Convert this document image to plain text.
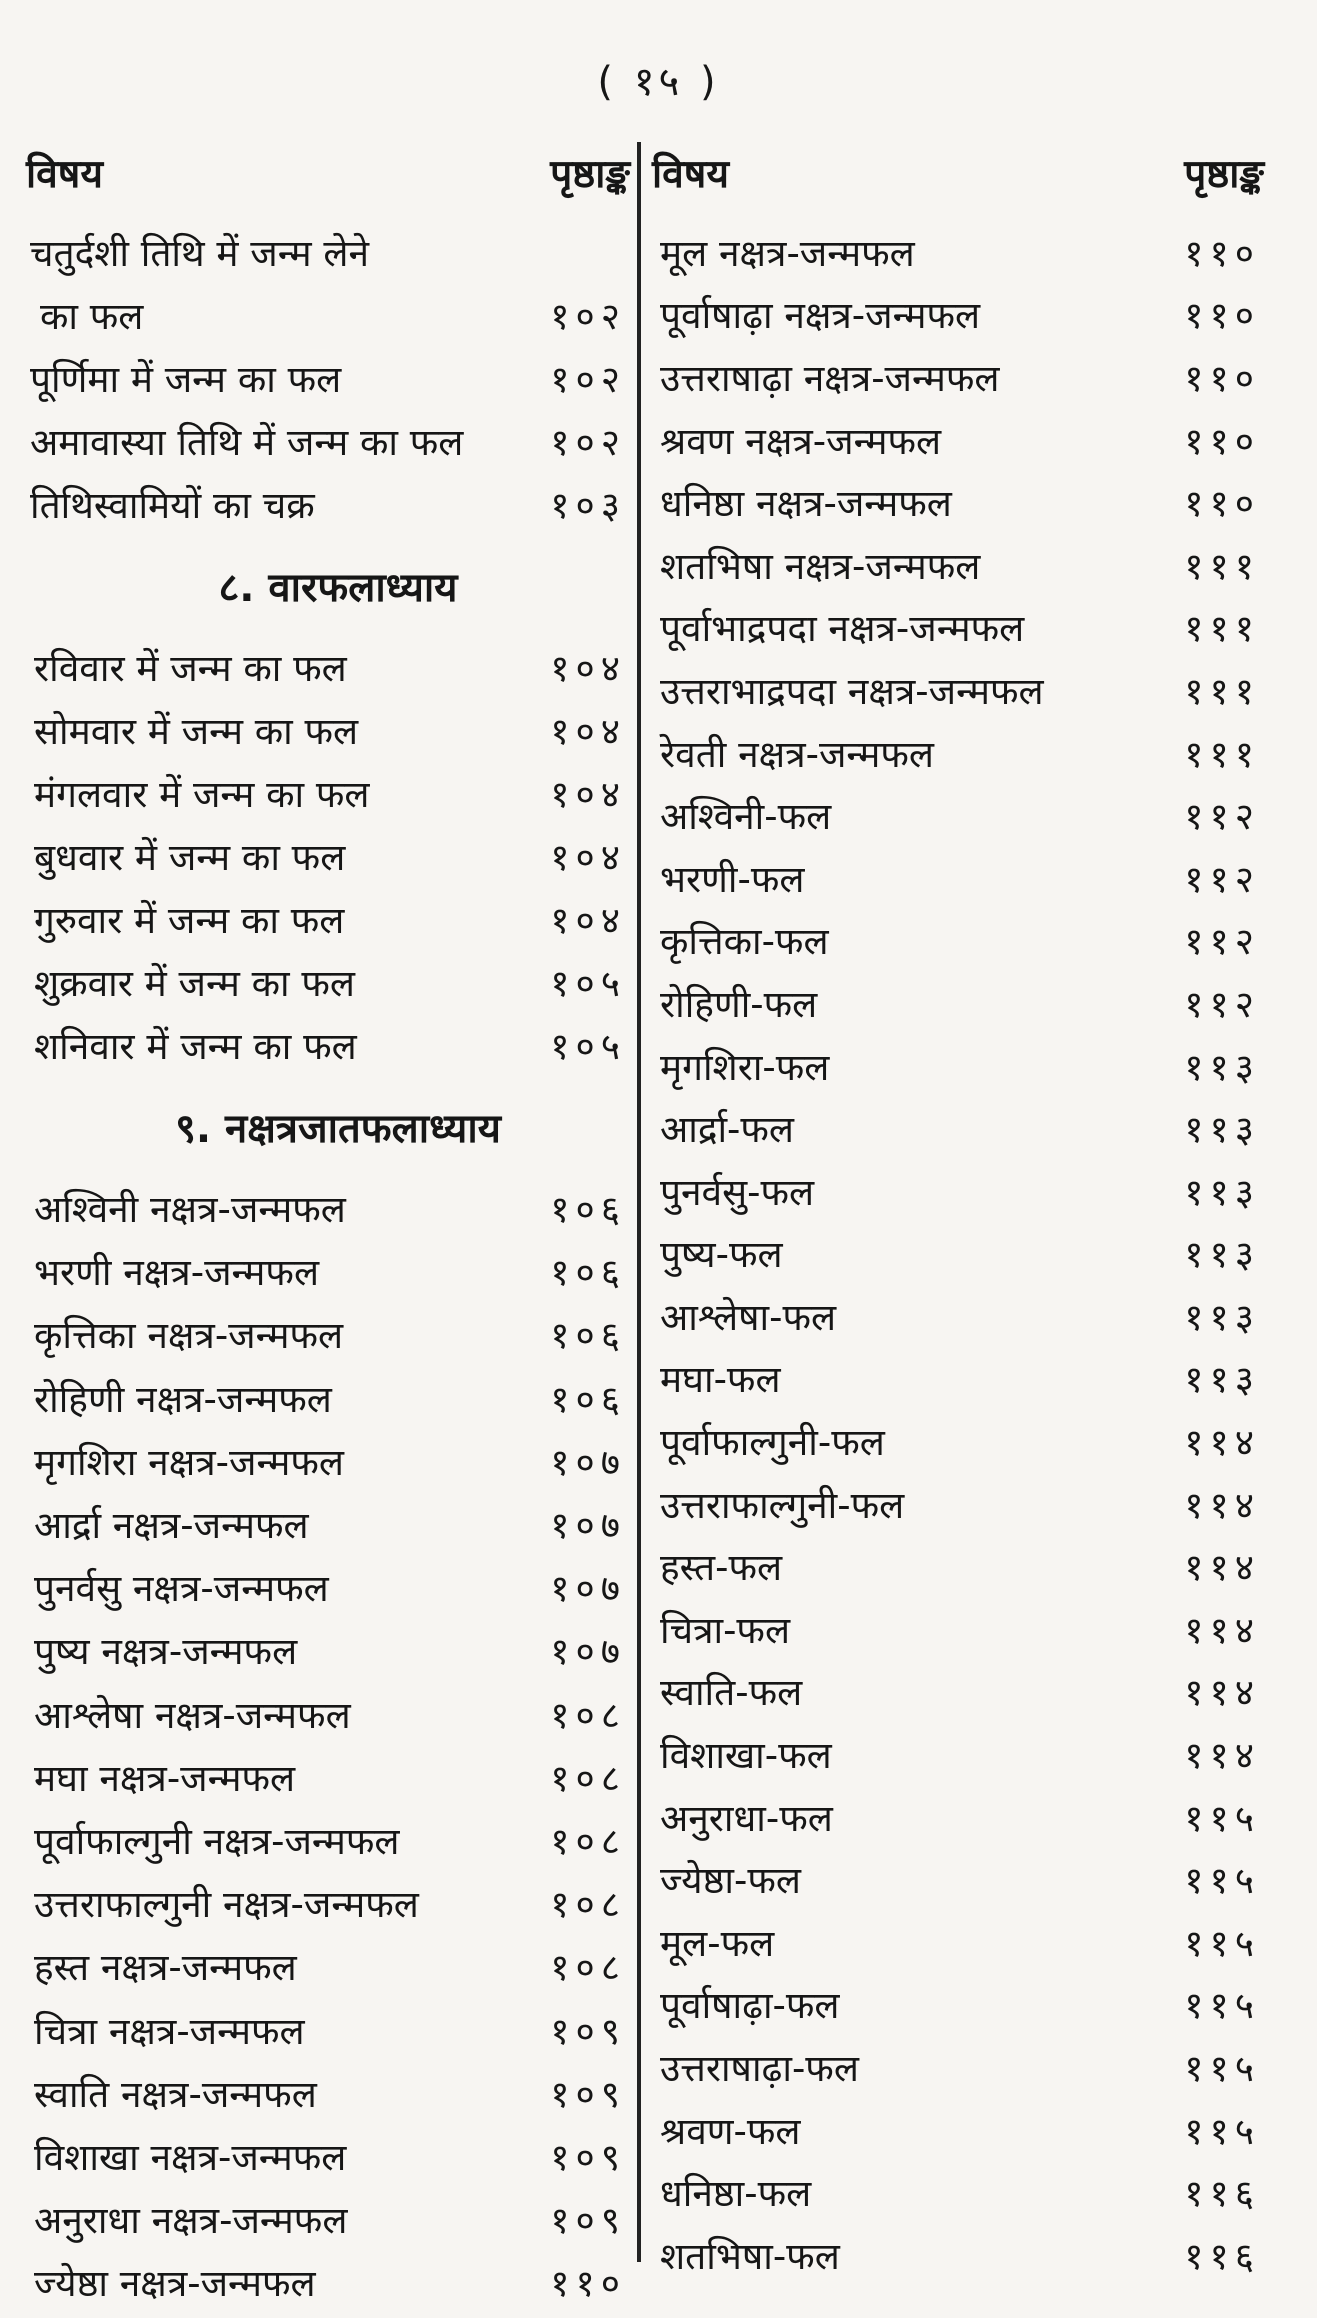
( १५ )
विषय	पृष्ठाङ्क
चतुर्दशी तिथि में जन्म लेने
का फल	१०२
पूर्णिमा में जन्म का फल	१०२
अमावास्या तिथि में जन्म का फल १०२
तिथिस्वामियों का चक्र	१०३
८. वारफलाध्याय
रविवार में जन्म का फल	१०४
सोमवार में जन्म का फल	१०४
मंगलवार में जन्म का फल	१०४
बुधवार में जन्म का फल	१०४
गुरुवार में जन्म का फल	१०४
शुक्रवार में जन्म का फल	१०५
शनिवार में जन्म का फल	१०५
९. नक्षत्रजातफलाध्याय
अश्विनी नक्षत्र-जन्मफल	१०६
भरणी नक्षत्र-जन्मफल	१०६
कृत्तिका नक्षत्र-जन्मफल	१०६
रोहिणी नक्षत्र-जन्मफल	१०६
मृगशिरा नक्षत्र-जन्मफल	१०७
आर्द्रा नक्षत्र-जन्मफल	१०७
पुनर्वसु नक्षत्र-जन्मफल	१०७
पुष्य नक्षत्र-जन्मफल	१०७
आश्लेषा नक्षत्र-जन्मफल	१०८
मघा नक्षत्र-जन्मफल	१०८
पूर्वाफाल्गुनी नक्षत्र-जन्मफल	१०८
उत्तराफाल्गुनी नक्षत्र-जन्मफल	१०८
हस्त नक्षत्र-जन्मफल	१०८
चित्रा नक्षत्र-जन्मफल	१०९
स्वाति नक्षत्र-जन्मफल	१०९
विशाखा नक्षत्र-जन्मफल	१०९
अनुराधा नक्षत्र-जन्मफल	१०९
ज्येष्ठा नक्षत्र-जन्मफल	११०
विषय	पृष्ठाङ्क
मूल नक्षत्र-जन्मफल	११०
पूर्वाषाढ़ा नक्षत्र-जन्मफल	११०
उत्तराषाढ़ा नक्षत्र-जन्मफल	११०
श्रवण नक्षत्र-जन्मफल	११०
धनिष्ठा नक्षत्र-जन्मफल	११०
शतभिषा नक्षत्र-जन्मफल	१११
पूर्वाभाद्रपदा नक्षत्र-जन्मफल	१११
उत्तराभाद्रपदा नक्षत्र-जन्मफल	१११
रेवती नक्षत्र-जन्मफल	१११
अश्विनी-फल	११२
भरणी-फल	११२
कृत्तिका-फल	११२
रोहिणी-फल	११२
मृगशिरा-फल	११३
आर्द्रा-फल	११३
पुनर्वसु-फल	११३
पुष्य-फल	११३
आश्लेषा-फल	११३
मघा-फल	११३
पूर्वाफाल्गुनी-फल	११४
उत्तराफाल्गुनी-फल	११४
हस्त-फल	११४
चित्रा-फल	११४
स्वाति-फल	११४
विशाखा-फल	११४
अनुराधा-फल	११५
ज्येष्ठा-फल	११५
मूल-फल	११५
पूर्वाषाढ़ा-फल	११५
उत्तराषाढ़ा-फल	११५
श्रवण-फल	११५
धनिष्ठा-फल	११६
शतभिषा-फल	११६
